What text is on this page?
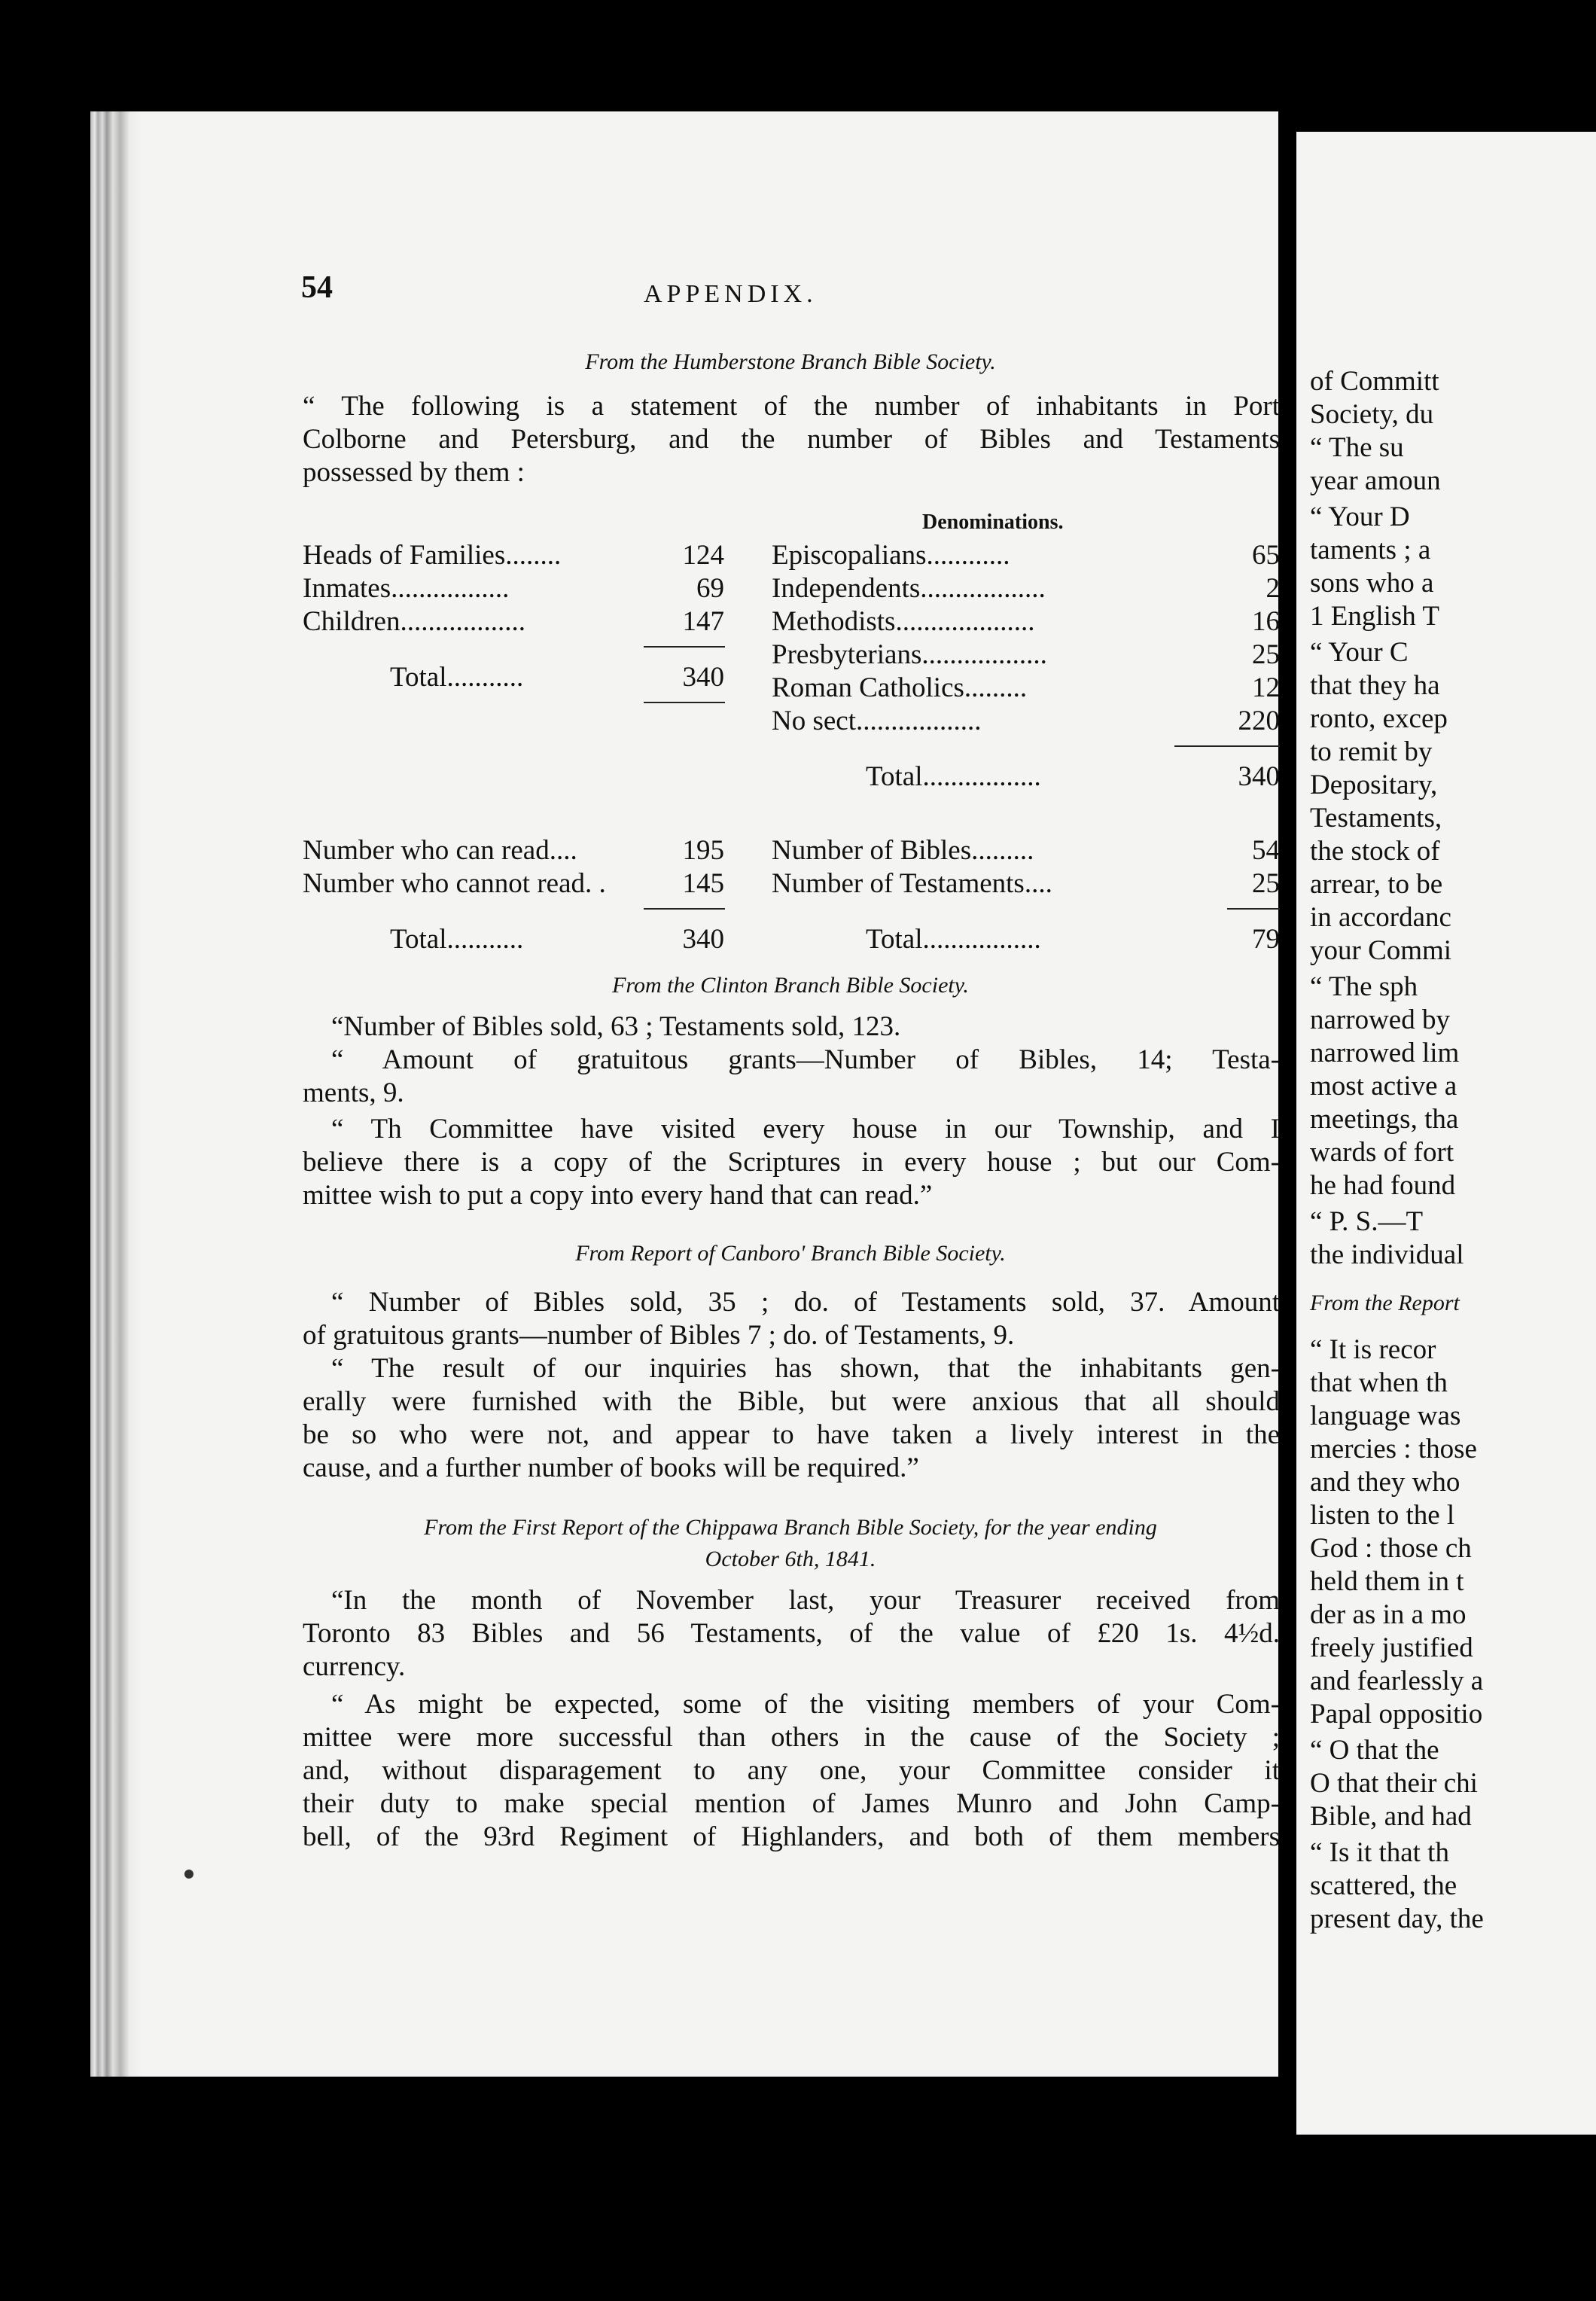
54	APPENDIX.
From the Humberstone Branch Bible Society.
“ The following is a statement of the number of inhabitants in Port
Colborne and Petersburg, and the number of Bibles and Testaments
possessed by them :
Denominations.
Heads of Families........	124
Inmates.................	69
Children..................	147
Total...........	340
Episcopalians............	65
Independents..................	2
Methodists....................	16
Presbyterians..................	25
Roman Catholics.........	12
No sect..................	220
Total.................	340
Number who can read....	195
Number who cannot read. .	145
Total...........	340
Number of Bibles.........	54
Number of Testaments....	25
Total.................	79
From the Clinton Branch Bible Society.
“Number of Bibles sold, 63 ; Testaments sold, 123.
“ Amount of gratuitous grants—Number of Bibles, 14; Testa-
ments, 9.
“ Th Committee have visited every house in our Township, and I
believe there is a copy of the Scriptures in every house ; but our Com-
mittee wish to put a copy into every hand that can read.”
From Report of Canboro' Branch Bible Society.
“ Number of Bibles sold, 35 ; do. of Testaments sold, 37. Amount
of gratuitous grants—number of Bibles 7 ; do. of Testaments, 9.
“ The result of our inquiries has shown, that the inhabitants gen-
erally were furnished with the Bible, but were anxious that all should
be so who were not, and appear to have taken a lively interest in the
cause, and a further number of books will be required.”
From the First Report of the Chippawa Branch Bible Society, for the year ending
October 6th, 1841.
“In the month of November last, your Treasurer received from
Toronto 83 Bibles and 56 Testaments, of the value of £20 1s. 4½d.
currency.
“ As might be expected, some of the visiting members of your Com-
mittee were more successful than others in the cause of the Society ;
and, without disparagement to any one, your Committee consider it
their duty to make special mention of James Munro and John Camp-
bell, of the 93rd Regiment of Highlanders, and both of them members
of Committ
Society, du
“ The su
year amoun
“ Your D
taments ; a
sons who a
1 English T
“ Your C
that they ha
ronto, excep
to remit by
Depositary,
Testaments,
the stock of
arrear, to be
in accordanc
your Commi
“ The sph
narrowed by
narrowed lim
most active a
meetings, tha
wards of fort
he had found
“ P. S.—T
the individual
From the Report
“ It is recor
that when th
language was
mercies : those
and they who
listen to the l
God : those ch
held them in t
der as in a mo
freely justified
and fearlessly a
Papal oppositio
“ O that the
O that their chi
Bible, and had
“ Is it that th
scattered, the
present day, the
